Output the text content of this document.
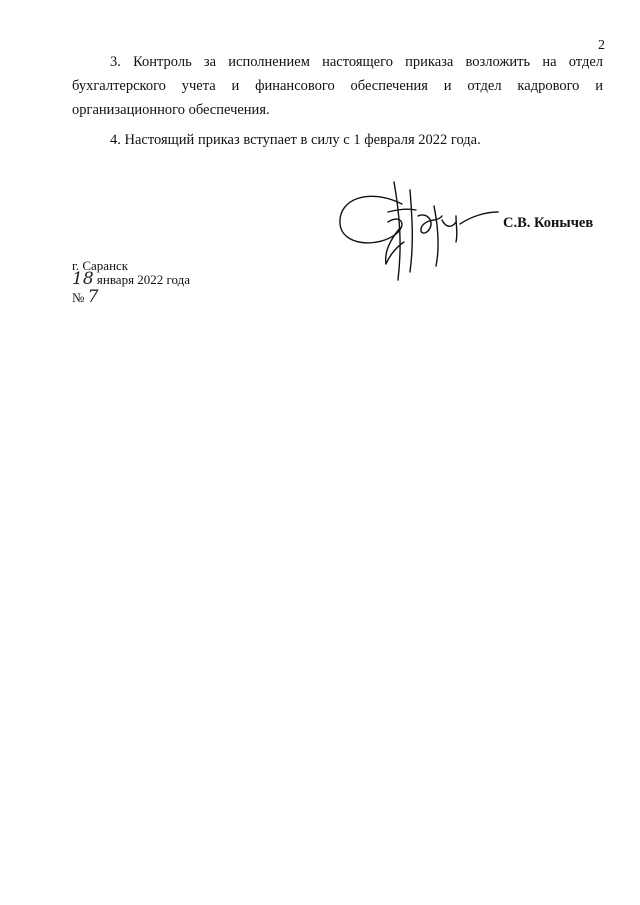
2

3. Контроль за исполнением настоящего приказа возложить на отдел бухгалтерского учета и финансового обеспечения и отдел кадрового и организационного обеспечения.

4. Настоящий приказ вступает в силу с 1 февраля 2022 года.

С.В. Конычев
г. Саранск
18 января 2022 года
№ 7
